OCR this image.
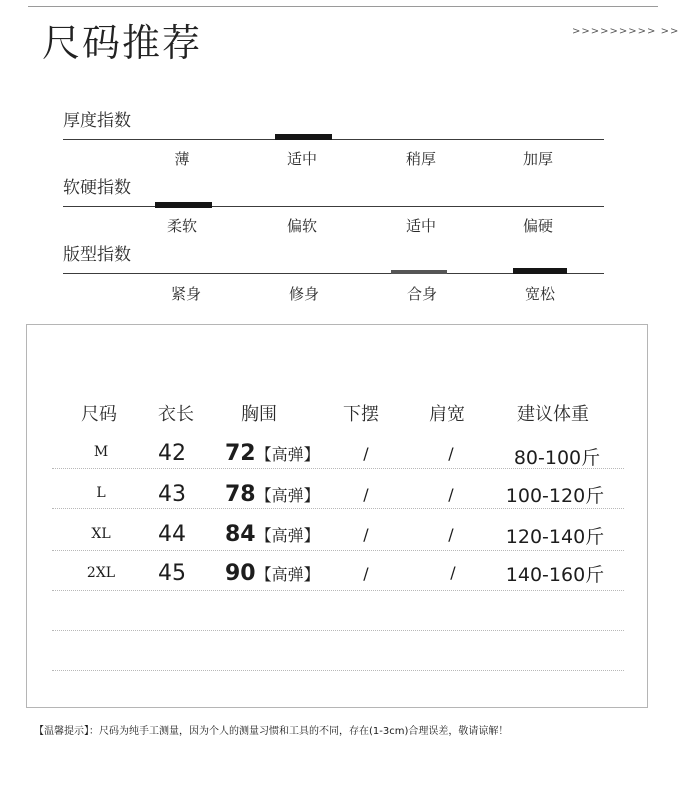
尺码推荐	>>>>>>>>> >>
厚度指数
薄	适中	稍厚	加厚
软硬指数
柔软	偏软	适中	偏硬
版型指数
紧身	修身	合身	宽松
尺码	衣长	胸围	下摆	肩宽	建议体重
M	42	72【高弹】	/	/	80-100斤
L	43	78【高弹】	/	/	100-120斤
XL	44	84【高弹】	/	/	120-140斤
2XL	45	90【高弹】	/	/	140-160斤
【温馨提示】：尺码为纯手工测量，因为个人的测量习惯和工具的不同，存在(1-3cm)合理误差，敬请谅解！
